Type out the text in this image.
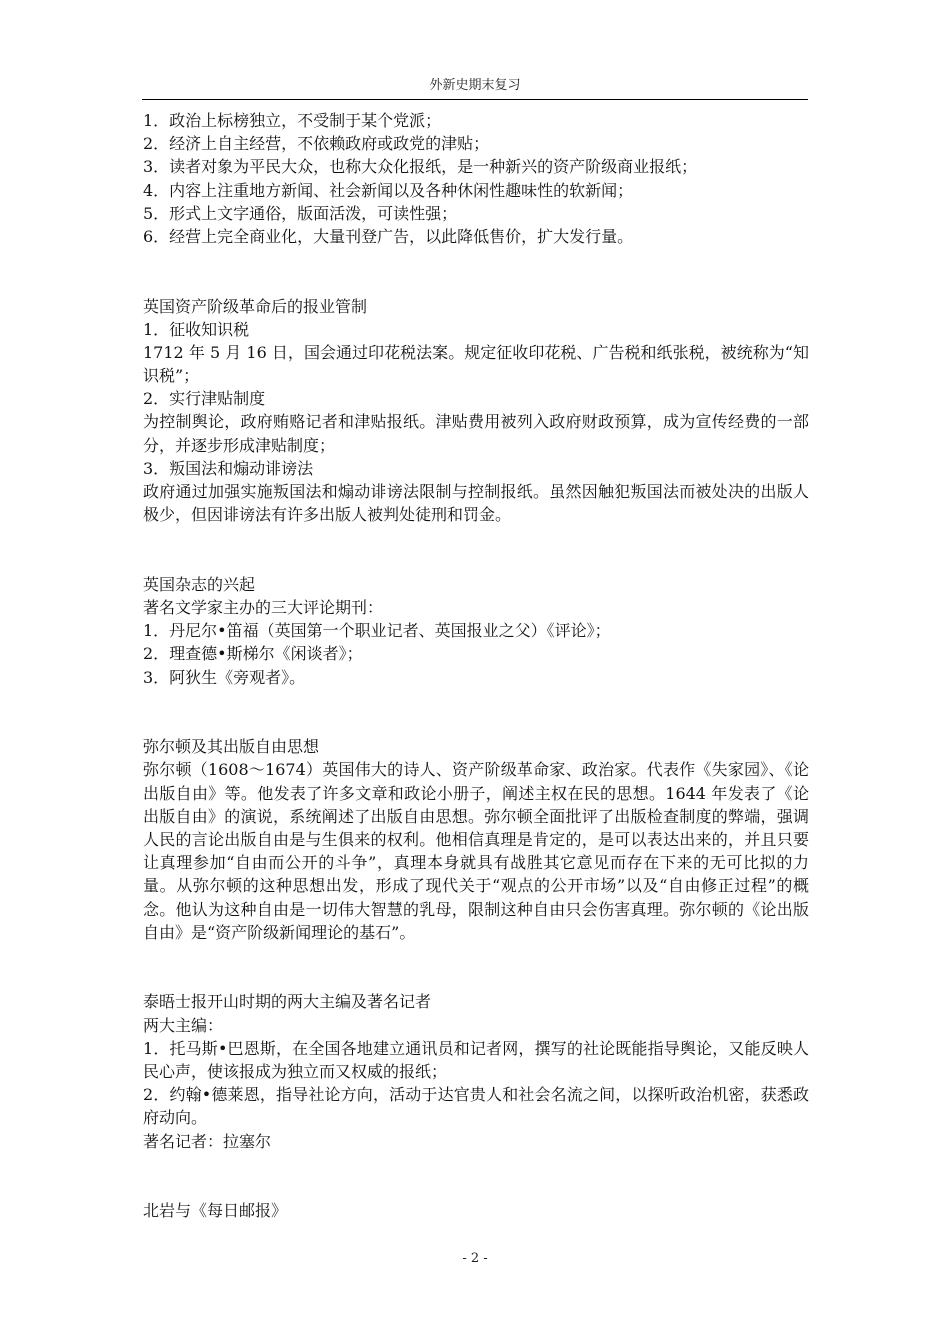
外新史期末复习
1．政治上标榜独立，不受制于某个党派；
2．经济上自主经营，不依赖政府或政党的津贴；
3．读者对象为平民大众，也称大众化报纸，是一种新兴的资产阶级商业报纸；
4．内容上注重地方新闻、社会新闻以及各种休闲性趣味性的软新闻；
5．形式上文字通俗，版面活泼，可读性强；
6．经营上完全商业化，大量刊登广告，以此降低售价，扩大发行量。
英国资产阶级革命后的报业管制
1．征收知识税
1712 年 5 月 16 日，国会通过印花税法案。规定征收印花税、广告税和纸张税，被统称为“知识税”；
2．实行津贴制度
为控制舆论，政府贿赂记者和津贴报纸。津贴费用被列入政府财政预算，成为宣传经费的一部分，并逐步形成津贴制度；
3．叛国法和煽动诽谤法
政府通过加强实施叛国法和煽动诽谤法限制与控制报纸。虽然因触犯叛国法而被处决的出版人极少，但因诽谤法有许多出版人被判处徒刑和罚金。
英国杂志的兴起
著名文学家主办的三大评论期刊：
1．丹尼尔•笛福（英国第一个职业记者、英国报业之父）《评论》；
2．理查德•斯梯尔《闲谈者》；
3．阿狄生《旁观者》。
弥尔顿及其出版自由思想
弥尔顿（1608～1674）英国伟大的诗人、资产阶级革命家、政治家。代表作《失家园》、《论出版自由》等。他发表了许多文章和政论小册子，阐述主权在民的思想。1644 年发表了《论出版自由》的演说，系统阐述了出版自由思想。弥尔顿全面批评了出版检查制度的弊端，强调人民的言论出版自由是与生俱来的权利。他相信真理是肯定的，是可以表达出来的，并且只要让真理参加“自由而公开的斗争”，真理本身就具有战胜其它意见而存在下来的无可比拟的力量。从弥尔顿的这种思想出发，形成了现代关于“观点的公开市场”以及“自由修正过程”的概念。他认为这种自由是一切伟大智慧的乳母，限制这种自由只会伤害真理。弥尔顿的《论出版自由》是“资产阶级新闻理论的基石”。
泰晤士报开山时期的两大主编及著名记者
两大主编：
1．托马斯•巴恩斯，在全国各地建立通讯员和记者网，撰写的社论既能指导舆论，又能反映人民心声，使该报成为独立而又权威的报纸；
2．约翰•德莱恩，指导社论方向，活动于达官贵人和社会名流之间，以探听政治机密，获悉政府动向。
著名记者：拉塞尔
北岩与《每日邮报》
- 2 -
